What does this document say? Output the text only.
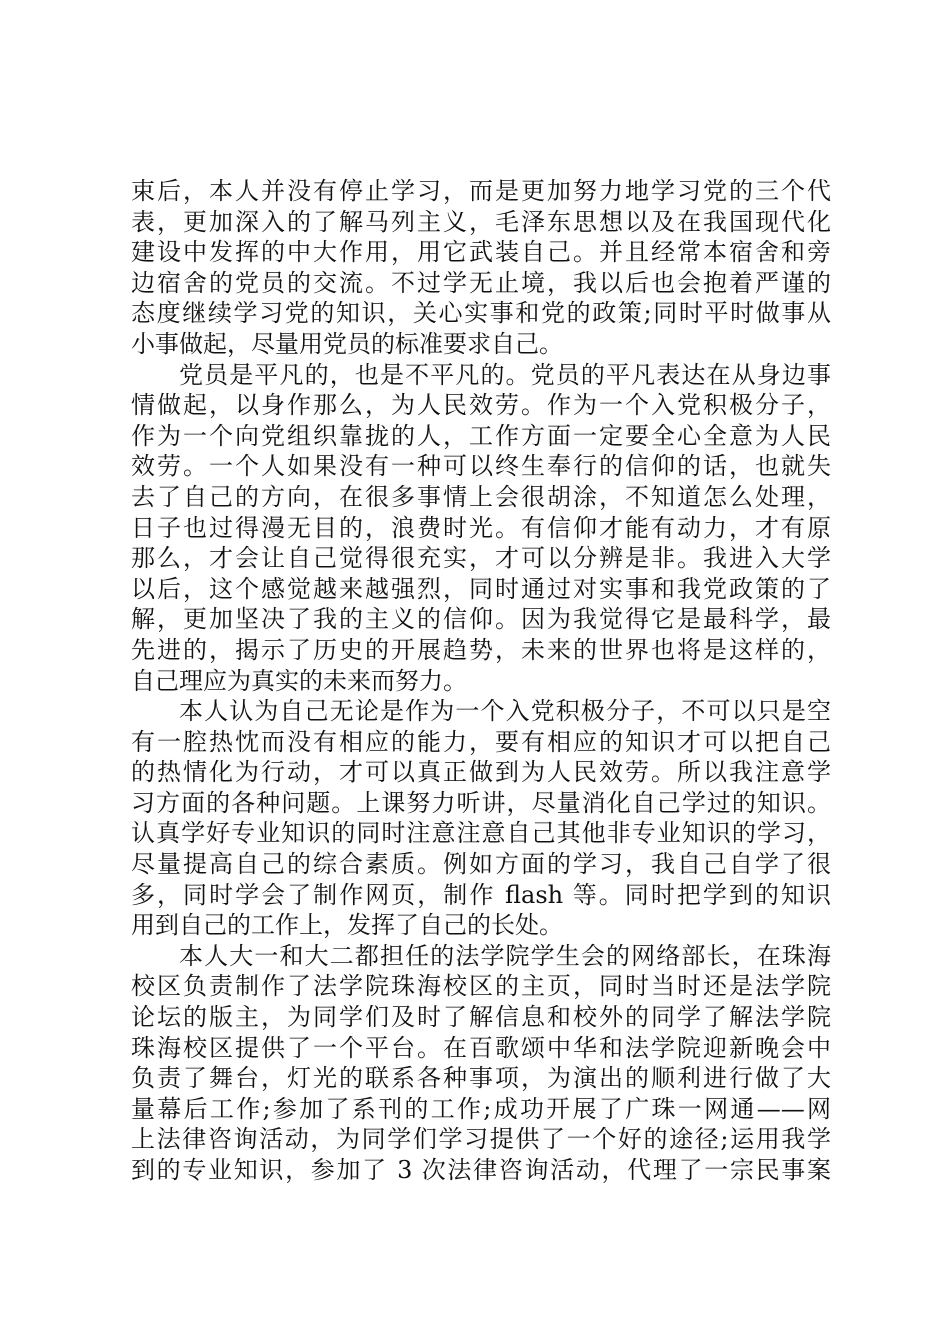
束后，本人并没有停止学习，而是更加努力地学习党的三个代
表，更加深入的了解马列主义，毛泽东思想以及在我国现代化
建设中发挥的中大作用，用它武装自己。并且经常本宿舍和旁
边宿舍的党员的交流。不过学无止境，我以后也会抱着严谨的
态度继续学习党的知识，关心实事和党的政策;同时平时做事从
小事做起，尽量用党员的标准要求自己。
党员是平凡的，也是不平凡的。党员的平凡表达在从身边事
情做起，以身作那么，为人民效劳。作为一个入党积极分子，
作为一个向党组织靠拢的人，工作方面一定要全心全意为人民
效劳。一个人如果没有一种可以终生奉行的信仰的话，也就失
去了自己的方向，在很多事情上会很胡涂，不知道怎么处理，
日子也过得漫无目的，浪费时光。有信仰才能有动力，才有原
那么，才会让自己觉得很充实，才可以分辨是非。我进入大学
以后，这个感觉越来越强烈，同时通过对实事和我党政策的了
解，更加坚决了我的主义的信仰。因为我觉得它是最科学，最
先进的，揭示了历史的开展趋势，未来的世界也将是这样的，
自己理应为真实的未来而努力。
本人认为自己无论是作为一个入党积极分子，不可以只是空
有一腔热忱而没有相应的能力，要有相应的知识才可以把自己
的热情化为行动，才可以真正做到为人民效劳。所以我注意学
习方面的各种问题。上课努力听讲，尽量消化自己学过的知识。
认真学好专业知识的同时注意注意自己其他非专业知识的学习，
尽量提高自己的综合素质。例如方面的学习，我自己自学了很
多，同时学会了制作网页，制作 flash 等。同时把学到的知识
用到自己的工作上，发挥了自己的长处。
本人大一和大二都担任的法学院学生会的网络部长，在珠海
校区负责制作了法学院珠海校区的主页，同时当时还是法学院
论坛的版主，为同学们及时了解信息和校外的同学了解法学院
珠海校区提供了一个平台。在百歌颂中华和法学院迎新晚会中
负责了舞台，灯光的联系各种事项，为演出的顺利进行做了大
量幕后工作;参加了系刊的工作;成功开展了广珠一网通——网
上法律咨询活动，为同学们学习提供了一个好的途径;运用我学
到的专业知识，参加了 3 次法律咨询活动，代理了一宗民事案
